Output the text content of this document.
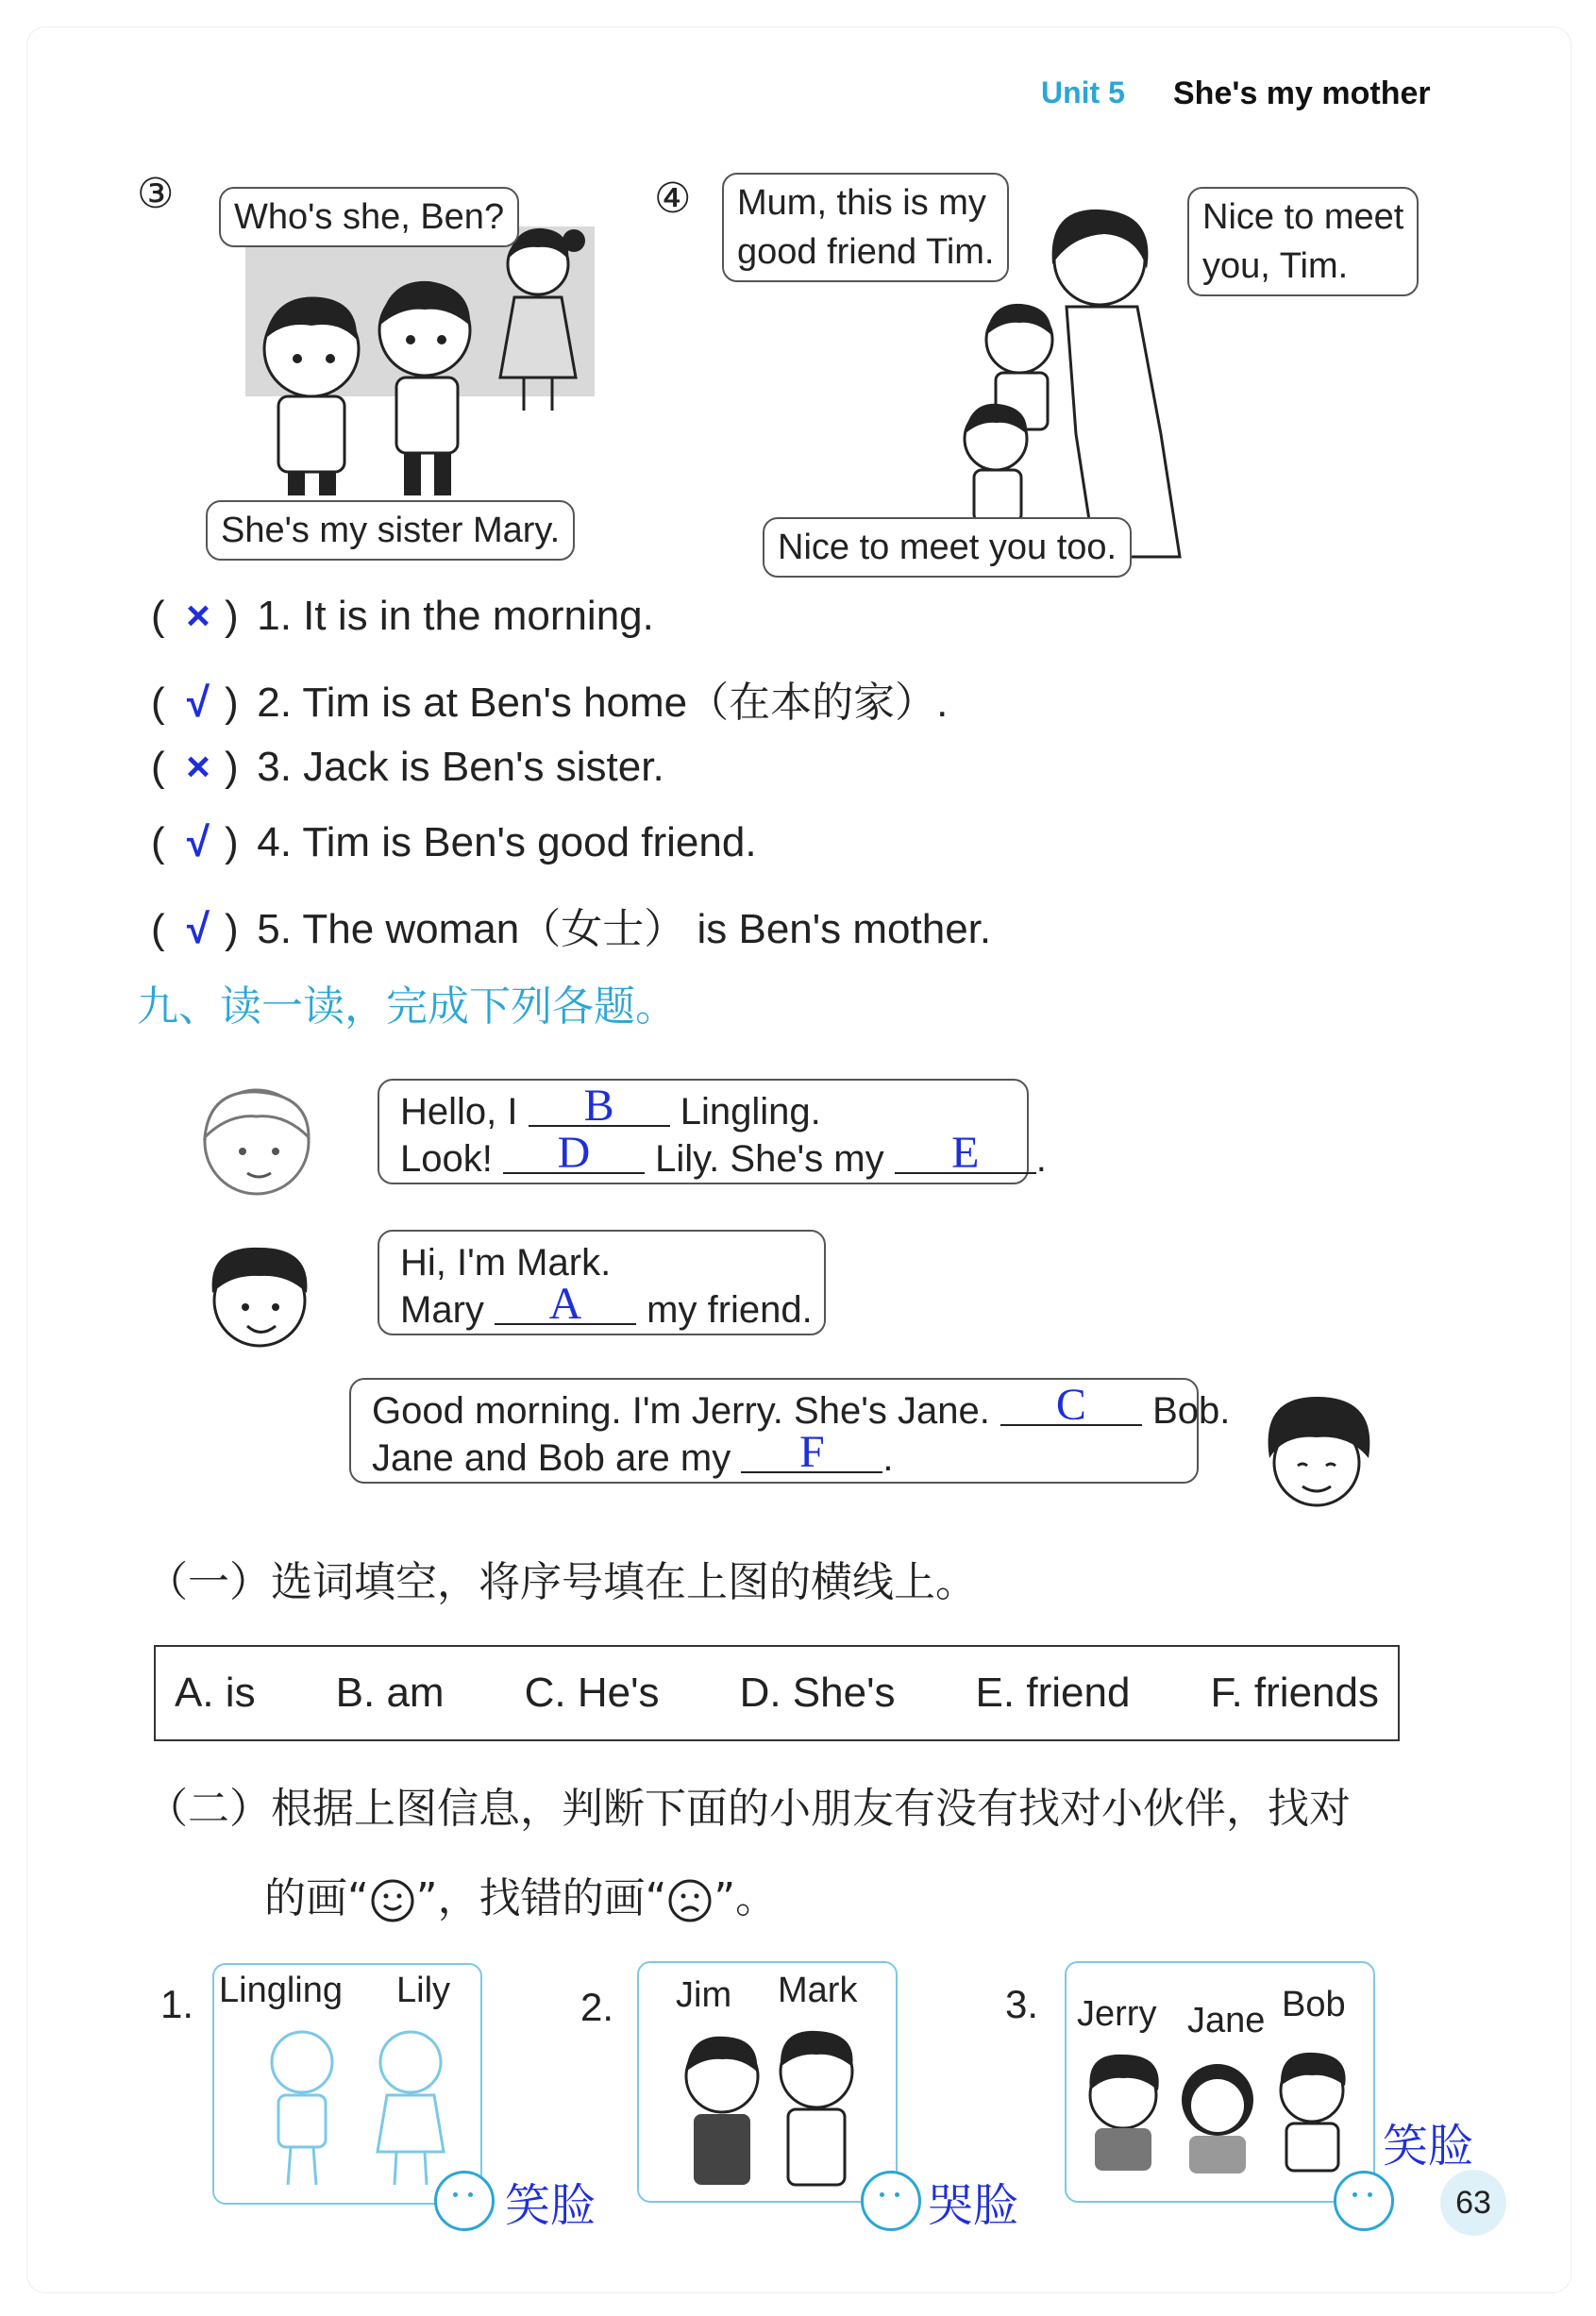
Unit 5 She's my mother
③	Who's she, Ben?
She's my sister Mary.
④ Mum, this is my
good friend Tim.
Nice to meet
you, Tim.
Nice to meet you too.
( × ) 1. It is in the morning.
( √ ) 2. Tim is at Ben's home（在本的家）.
( × ) 3. Jack is Ben's sister.
( √ ) 4. Tim is Ben's good friend.
( √ ) 5. The woman（女士） is Ben's mother.
九、读一读，完成下列各题。
Hello, I B Lingling.
Look! D Lily. She's my E .
Hi, I'm Mark.
Mary A my friend.
Good morning. I'm Jerry. She's Jane. C Bob.
Jane and Bob are my F .
（一）选词填空，将序号填在上图的横线上。
A. is B. am C. He's D. She's E. friend F. friends
（二）根据上图信息，判断下面的小朋友有没有找对小伙伴，找对
的画“ ”，找错的画“ ”。
1. Lingling Lily
笑脸
2. Jim Mark
哭脸
3. Jerry Jane Bob
笑脸
63
